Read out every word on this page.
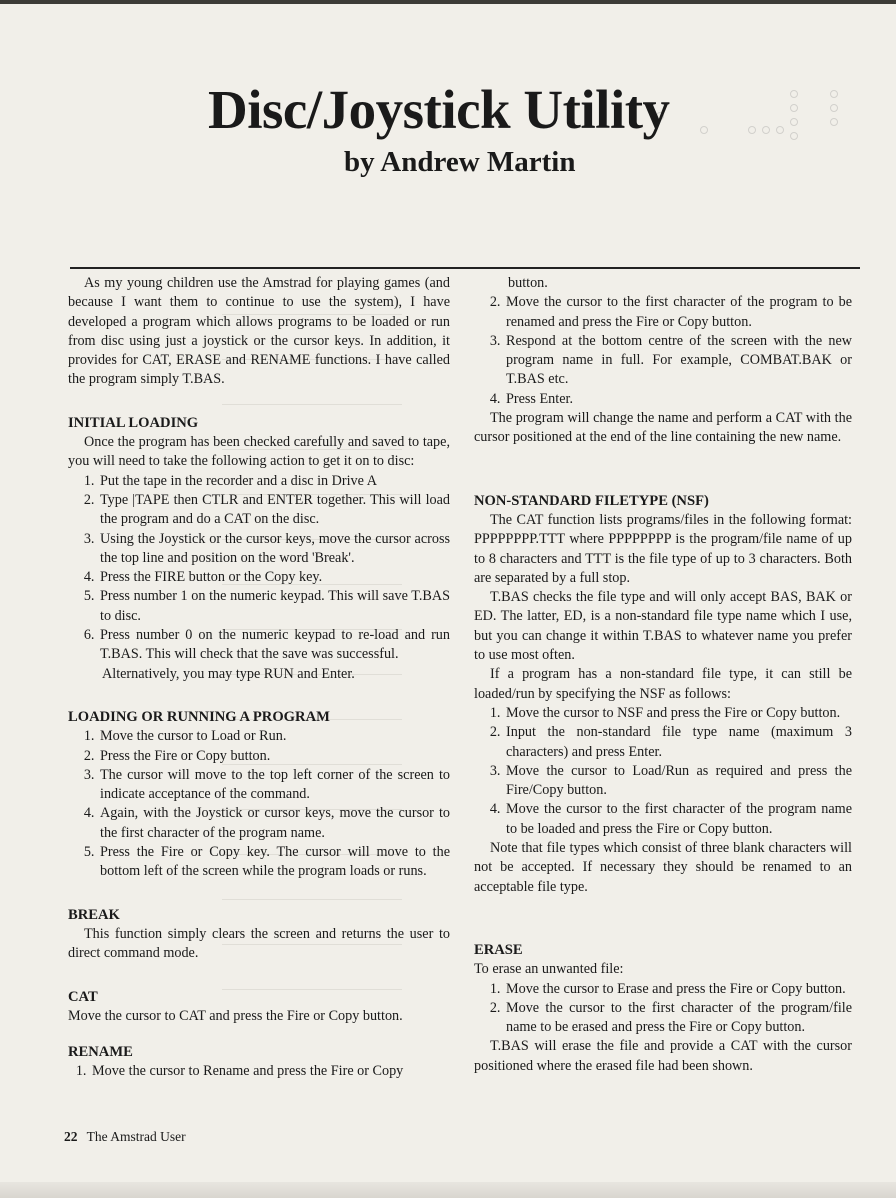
Disc/Joystick Utility
by Andrew Martin

As my young children use the Amstrad for playing games (and because I want them to continue to use the system), I have developed a program which allows programs to be loaded or run from disc using just a joystick or the cursor keys. In addition, it provides for CAT, ERASE and RENAME functions. I have called the program simply T.BAS.

INITIAL LOADING

Once the program has been checked carefully and saved to tape, you will need to take the following action to get it on to disc:

1. Put the tape in the recorder and a disc in Drive A
2. Type |TAPE then CTLR and ENTER together. This will load the program and do a CAT on the disc.
3. Using the Joystick or the cursor keys, move the cursor across the top line and position on the word 'Break'.
4. Press the FIRE button or the Copy key.
5. Press number 1 on the numeric keypad. This will save T.BAS to disc.
6. Press number 0 on the numeric keypad to re-load and run T.BAS. This will check that the save was successful.

Alternatively, you may type RUN and Enter.

LOADING OR RUNNING A PROGRAM

1. Move the cursor to Load or Run.
2. Press the Fire or Copy button.
3. The cursor will move to the top left corner of the screen to indicate acceptance of the command.
4. Again, with the Joystick or cursor keys, move the cursor to the first character of the program name.
5. Press the Fire or Copy key. The cursor will move to the bottom left of the screen while the program loads or runs.

BREAK

This function simply clears the screen and returns the user to direct command mode.

CAT

Move the cursor to CAT and press the Fire or Copy button.

RENAME

1. Move the cursor to Rename and press the Fire or Copy

button.

2. Move the cursor to the first character of the program to be renamed and press the Fire or Copy button.
3. Respond at the bottom centre of the screen with the new program name in full. For example, COMBAT.BAK or T.BAS etc.
4. Press Enter.

The program will change the name and perform a CAT with the cursor positioned at the end of the line containing the new name.

NON-STANDARD FILETYPE (NSF)

The CAT function lists programs/files in the following format: PPPPPPPP.TTT where PPPPPPPP is the program/file name of up to 8 characters and TTT is the file type of up to 3 characters. Both are separated by a full stop.

T.BAS checks the file type and will only accept BAS, BAK or ED. The latter, ED, is a non-standard file type name which I use, but you can change it within T.BAS to whatever name you prefer to use most often.

If a program has a non-standard file type, it can still be loaded/run by specifying the NSF as follows:

1. Move the cursor to NSF and press the Fire or Copy button.
2. Input the non-standard file type name (maximum 3 characters) and press Enter.
3. Move the cursor to Load/Run as required and press the Fire/Copy button.
4. Move the cursor to the first character of the program name to be loaded and press the Fire or Copy button.

Note that file types which consist of three blank characters will not be accepted. If necessary they should be renamed to an acceptable file type.

ERASE

To erase an unwanted file:

1. Move the cursor to Erase and press the Fire or Copy button.
2. Move the cursor to the first character of the program/file name to be erased and press the Fire or Copy button.

T.BAS will erase the file and provide a CAT with the cursor positioned where the erased file had been shown.

22 The Amstrad User
